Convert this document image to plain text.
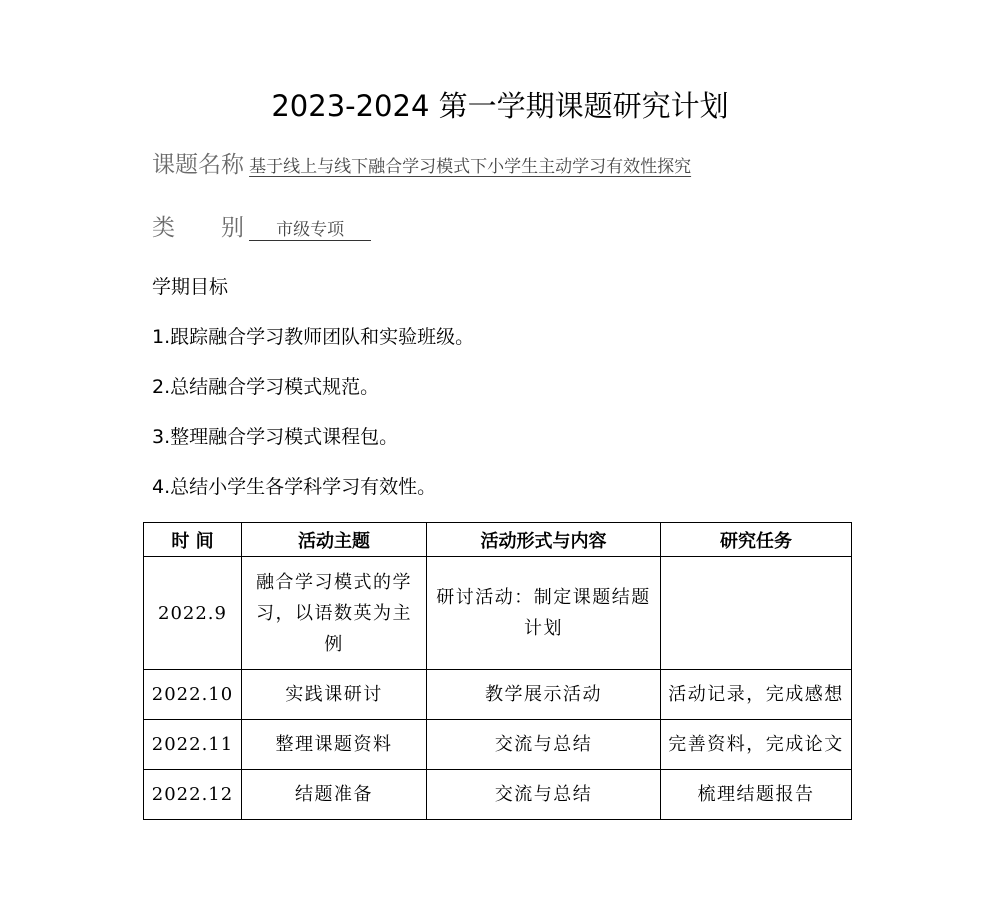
2023-2024 第一学期课题研究计划
课题名称 基于线上与线下融合学习模式下小学生主动学习有效性探究
类　　别 市级专项
学期目标
1.跟踪融合学习教师团队和实验班级。
2.总结融合学习模式规范。
3.整理融合学习模式课程包。
4.总结小学生各学科学习有效性。
时 间	活动主题	活动形式与内容	研究任务
2022.9	融合学习模式的学习，以语数英为主例	研讨活动：制定课题结题计划	
2022.10	实践课研讨	教学展示活动	活动记录，完成感想
2022.11	整理课题资料	交流与总结	完善资料，完成论文
2022.12	结题准备	交流与总结	梳理结题报告
